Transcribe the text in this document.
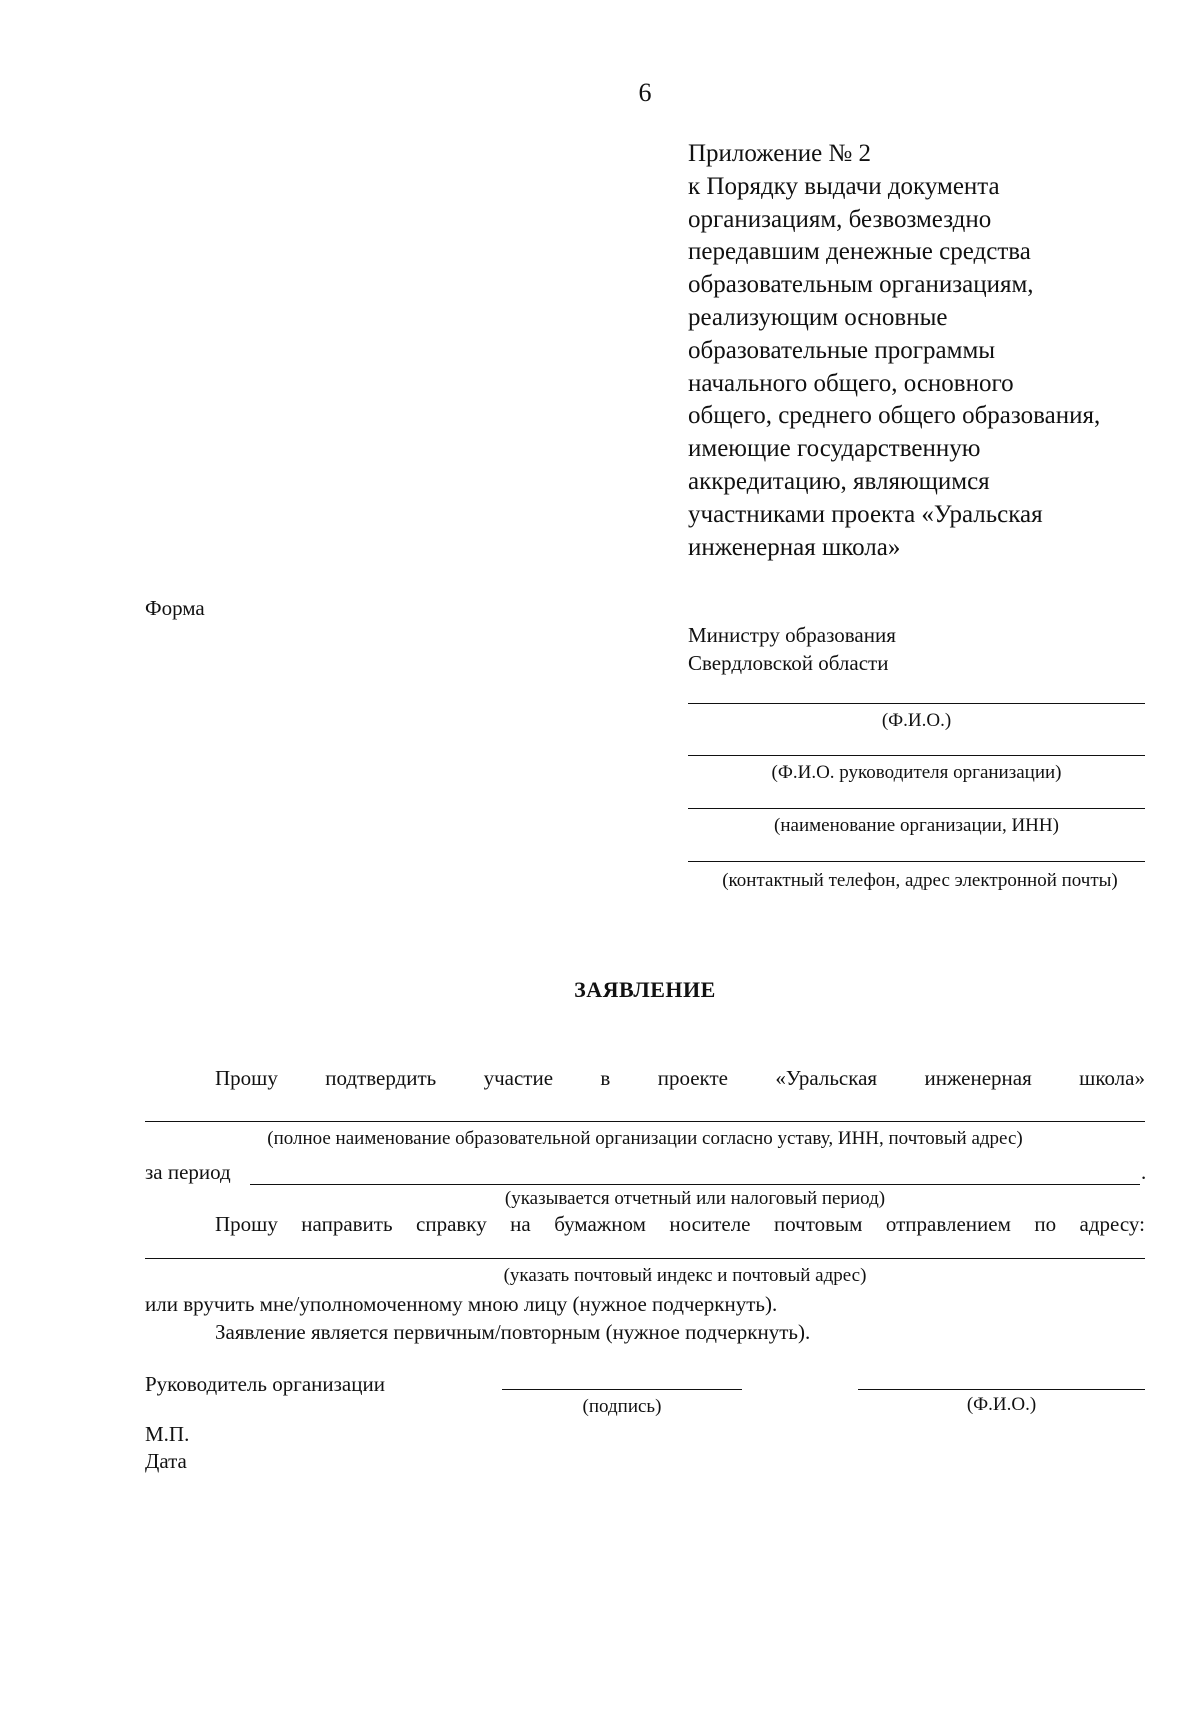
6
Приложение № 2
к Порядку выдачи документа
организациям, безвозмездно
передавшим денежные средства
образовательным организациям,
реализующим основные
образовательные программы
начального общего, основного
общего, среднего общего образования,
имеющие государственную
аккредитацию, являющимся
участниками проекта «Уральская
инженерная школа»
Форма
Министру образования
Свердловской области
(Ф.И.О.)
(Ф.И.О. руководителя организации)
(наименование организации, ИНН)
(контактный телефон, адрес электронной почты)
ЗАЯВЛЕНИЕ
Прошу подтвердить участие в проекте «Уральская инженерная школа»
(полное наименование образовательной организации согласно уставу, ИНН, почтовый адрес)
за период	.
(указывается отчетный или налоговый период)
Прошу направить справку на бумажном носителе почтовым отправлением по адресу:
(указать почтовый индекс и почтовый адрес)
или вручить мне/уполномоченному мною лицу (нужное подчеркнуть).
Заявление является первичным/повторным (нужное подчеркнуть).
Руководитель организации
(подпись)	(Ф.И.О.)
М.П.
Дата
